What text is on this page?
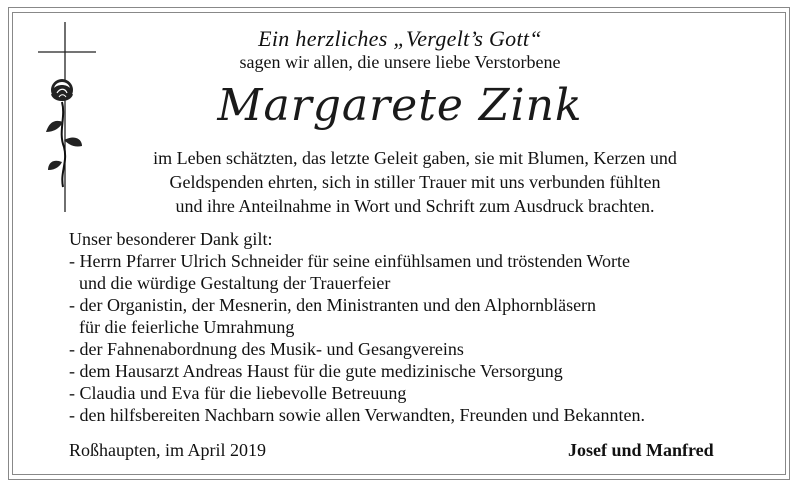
Ein herzliches „Vergelt’s Gott“
sagen wir allen, die unsere liebe Verstorbene
Margarete Zink
im Leben schätzten, das letzte Geleit gaben, sie mit Blumen, Kerzen und
Geldspenden ehrten, sich in stiller Trauer mit uns verbunden fühlten
und ihre Anteilnahme in Wort und Schrift zum Ausdruck brachten.
Unser besonderer Dank gilt:
- Herrn Pfarrer Ulrich Schneider für seine einfühlsamen und tröstenden Worte
und die würdige Gestaltung der Trauerfeier
- der Organistin, der Mesnerin, den Ministranten und den Alphornbläsern
für die feierliche Umrahmung
- der Fahnenabordnung des Musik- und Gesangvereins
- dem Hausarzt Andreas Haust für die gute medizinische Versorgung
- Claudia und Eva für die liebevolle Betreuung
- den hilfsbereiten Nachbarn sowie allen Verwandten, Freunden und Bekannten.
Roßhaupten, im April 2019	Josef und Manfred
